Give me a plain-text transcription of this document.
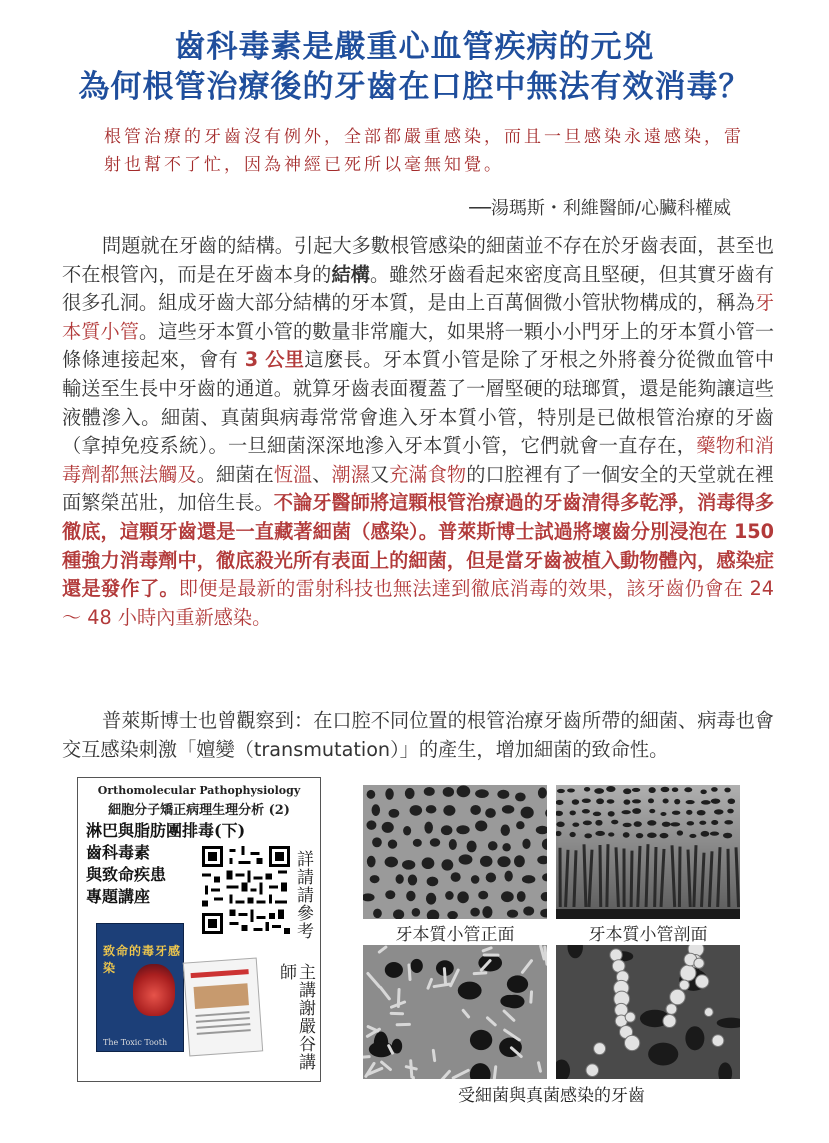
齒科毒素是嚴重心血管疾病的元兇
為何根管治療後的牙齒在口腔中無法有效消毒？
根管治療的牙齒沒有例外，全部都嚴重感染，而且一旦感染永遠感染，雷射也幫不了忙，因為神經已死所以毫無知覺。
──湯瑪斯・利維醫師/心臟科權威

問題就在牙齒的結構。引起大多數根管感染的細菌並不存在於牙齒表面，甚至也不在根管內，而是在牙齒本身的結構。雖然牙齒看起來密度高且堅硬，但其實牙齒有很多孔洞。組成牙齒大部分結構的牙本質，是由上百萬個微小管狀物構成的，稱為牙本質小管。這些牙本質小管的數量非常龐大，如果將一顆小小門牙上的牙本質小管一條條連接起來，會有 3 公里這麼長。牙本質小管是除了牙根之外將養分從微血管中輸送至生長中牙齒的通道。就算牙齒表面覆蓋了一層堅硬的琺瑯質，還是能夠讓這些液體滲入。細菌、真菌與病毒常常會進入牙本質小管，特別是已做根管治療的牙齒（拿掉免疫系統）。一旦細菌深深地滲入牙本質小管，它們就會一直存在，藥物和消毒劑都無法觸及。細菌在恆溫、潮濕又充滿食物的口腔裡有了一個安全的天堂就在裡面繁榮茁壯，加倍生長。不論牙醫師將這顆根管治療過的牙齒清得多乾淨，消毒得多徹底，這顆牙齒還是一直藏著細菌（感染）。普萊斯博士試過將壞齒分別浸泡在 150 種強力消毒劑中，徹底殺光所有表面上的細菌，但是當牙齒被植入動物體內，感染症還是發作了。即便是最新的雷射科技也無法達到徹底消毒的效果，該牙齒仍會在 24 ～ 48 小時內重新感染。

普萊斯博士也曾觀察到：在口腔不同位置的根管治療牙齒所帶的細菌、病毒也會交互感染刺激「嬗變（transmutation）」的產生，增加細菌的致命性。

Orthomolecular Pathophysiology
細胞分子矯正病理生理分析 (2)
淋巴與脂肪團排毒(下)
齒科毒素
與致命疾患
專題講座	詳請請參考
致命的毒牙感染
The Toxic Tooth
主講謝嚴谷講師
牙本質小管正面	牙本質小管剖面
受細菌與真菌感染的牙齒
